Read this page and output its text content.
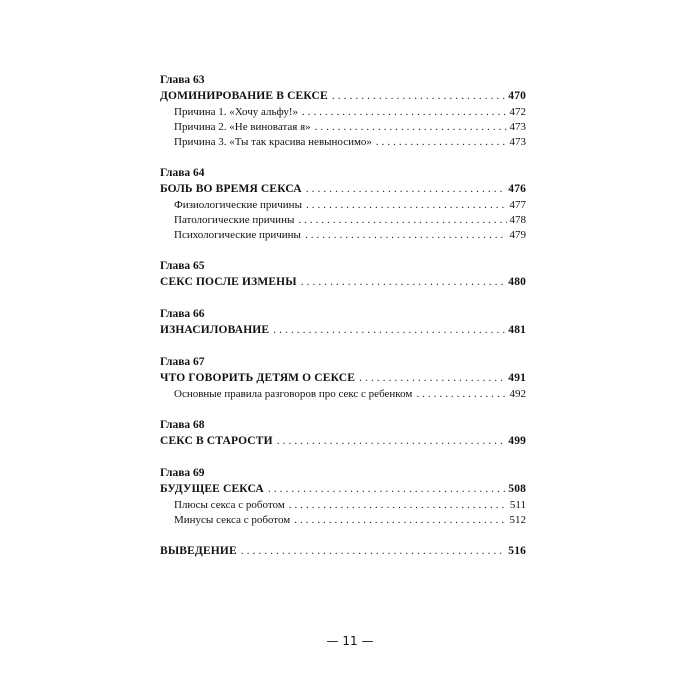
Глава 63
ДОМИНИРОВАНИЕ В СЕКСЕ .....	470
Причина 1. «Хочу альфу!» .....	472
Причина 2. «Не виноватая я» .....	473
Причина 3. «Ты так красива невыносимо» .....	473
Глава 64
БОЛЬ ВО ВРЕМЯ СЕКСА .....	476
Физиологические причины .....	477
Патологические причины .....	478
Психологические причины .....	479
Глава 65
СЕКС ПОСЛЕ ИЗМЕНЫ .....	480
Глава 66
ИЗНАСИЛОВАНИЕ .....	481
Глава 67
ЧТО ГОВОРИТЬ ДЕТЯМ О СЕКСЕ .....	491
Основные правила разговоров про секс с ребенком .....	492
Глава 68
СЕКС В СТАРОСТИ .....	499
Глава 69
БУДУЩЕЕ СЕКСА .....	508
Плюсы секса с роботом .....	511
Минусы секса с роботом .....	512
ВЫВЕДЕНИЕ .....	516
— 11 —
